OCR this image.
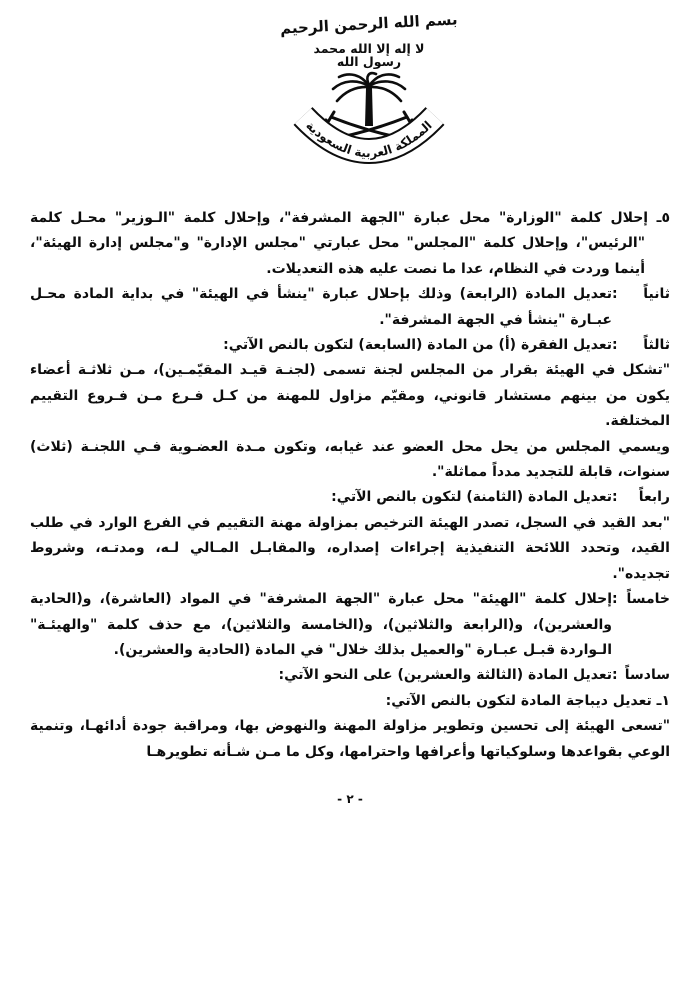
بسم الله الرحمن الرحيم
لا إله إلا الله محمد رسول الله
المملكة العربية السعودية

٥ـ إحلال كلمة "الوزارة" محل عبارة "الجهة المشرفة"، وإحلال كلمة "الـوزير" محـل كلمة "الرئيس"، وإحلال كلمة "المجلس" محل عبارتي "مجلس الإدارة" و"مجلس إدارة الهيئة"، أينما وردت في النظام، عدا ما نصت عليه هذه التعديلات.

ثانياً
:

تعديل المادة (الرابعة) وذلك بإحلال عبارة "ينشأ في الهيئة" في بداية المادة محـل عبـارة "ينشأ في الجهة المشرفة".

ثالثاً
:

تعديل الفقرة (أ) من المادة (السابعة) لتكون بالنص الآتي:

"تشكل في الهيئة بقرار من المجلس لجنة تسمى (لجنـة قيـد المقيّمـين)، مـن ثلاثـة أعضاء يكون من بينهم مستشار قانوني، ومقيّم مزاول للمهنة من كـل فـرع مـن فـروع التقييم المختلفة.

ويسمي المجلس من يحل محل العضو عند غيابه، وتكون مـدة العضـوية فـي اللجنـة (ثلاث) سنوات، قابلة للتجديد مدداً مماثلة".

رابعاً
:

تعديل المادة (الثامنة) لتكون بالنص الآتي:

"بعد القيد في السجل، تصدر الهيئة الترخيص بمزاولة مهنة التقييم في الفرع الوارد في طلب القيد، وتحدد اللائحة التنفيذية إجراءات إصداره، والمقابـل المـالي لـه، ومدتـه، وشروط تجديده".

خامساً
:

إحلال كلمة "الهيئة" محل عبارة "الجهة المشرفة" في المواد (العاشرة)، و(الحادية والعشرين)، و(الرابعة والثلاثين)، و(الخامسة والثلاثين)، مع حذف كلمة "والهيئـة" الـواردة قبـل عبـارة "والعميل بذلك خلال" في المادة (الحادية والعشرين).

سادساً
:

تعديل المادة (الثالثة والعشرين) على النحو الآتي:

١ـ تعديل ديباجة المادة لتكون بالنص الآتي:

"تسعى الهيئة إلى تحسين وتطوير مزاولة المهنة والنهوض بها، ومراقبة جودة أدائهـا، وتنمية الوعي بقواعدها وسلوكياتها وأعرافها واحترامها، وكل ما مـن شـأنه تطويرهـا

- ٢ -
